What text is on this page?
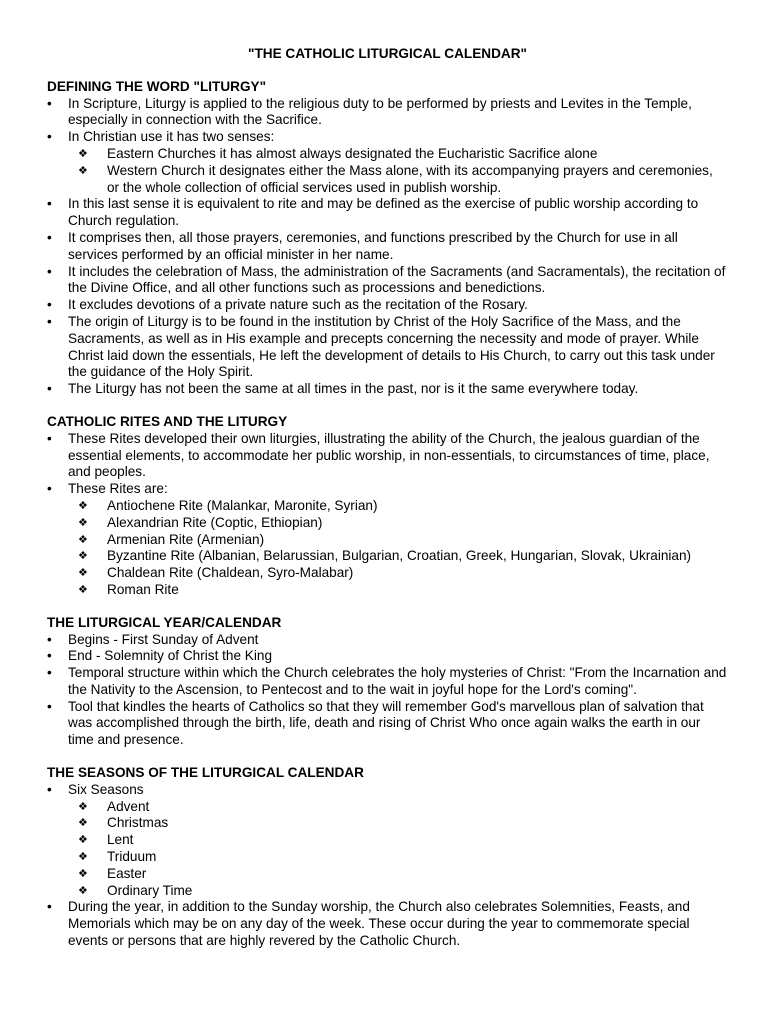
"THE CATHOLIC LITURGICAL CALENDAR"
DEFINING THE WORD "LITURGY"
•	In Scripture, Liturgy is applied to the religious duty to be performed by priests and Levites in the Temple, especially in connection with the Sacrifice.
•	In Christian use it has two senses:
❖ Eastern Churches it has almost always designated the Eucharistic Sacrifice alone
❖ Western Church it designates either the Mass alone, with its accompanying prayers and ceremonies, or the whole collection of official services used in publish worship.
•	In this last sense it is equivalent to rite and may be defined as the exercise of public worship according to Church regulation.
•	It comprises then, all those prayers, ceremonies, and functions prescribed by the Church for use in all services performed by an official minister in her name.
•	It includes the celebration of Mass, the administration of the Sacraments (and Sacramentals), the recitation of the Divine Office, and all other functions such as processions and benedictions.
•	It excludes devotions of a private nature such as the recitation of the Rosary.
•	The origin of Liturgy is to be found in the institution by Christ of the Holy Sacrifice of the Mass, and the Sacraments, as well as in His example and precepts concerning the necessity and mode of prayer. While Christ laid down the essentials, He left the development of details to His Church, to carry out this task under the guidance of the Holy Spirit.
•	The Liturgy has not been the same at all times in the past, nor is it the same everywhere today.
CATHOLIC RITES AND THE LITURGY
•	These Rites developed their own liturgies, illustrating the ability of the Church, the jealous guardian of the essential elements, to accommodate her public worship, in non-essentials, to circumstances of time, place, and peoples.
•	These Rites are:
❖ Antiochene Rite (Malankar, Maronite, Syrian)
❖ Alexandrian Rite (Coptic, Ethiopian)
❖ Armenian Rite (Armenian)
❖ Byzantine Rite (Albanian, Belarussian, Bulgarian, Croatian, Greek, Hungarian, Slovak, Ukrainian)
❖ Chaldean Rite (Chaldean, Syro-Malabar)
❖ Roman Rite
THE LITURGICAL YEAR/CALENDAR
•	Begins - First Sunday of Advent
•	End - Solemnity of Christ the King
•	Temporal structure within which the Church celebrates the holy mysteries of Christ: "From the Incarnation and the Nativity to the Ascension, to Pentecost and to the wait in joyful hope for the Lord's coming".
•	Tool that kindles the hearts of Catholics so that they will remember God's marvellous plan of salvation that was accomplished through the birth, life, death and rising of Christ Who once again walks the earth in our time and presence.
THE SEASONS OF THE LITURGICAL CALENDAR
•	Six Seasons
❖ Advent
❖ Christmas
❖ Lent
❖ Triduum
❖ Easter
❖ Ordinary Time
•	During the year, in addition to the Sunday worship, the Church also celebrates Solemnities, Feasts, and Memorials which may be on any day of the week. These occur during the year to commemorate special events or persons that are highly revered by the Catholic Church.
